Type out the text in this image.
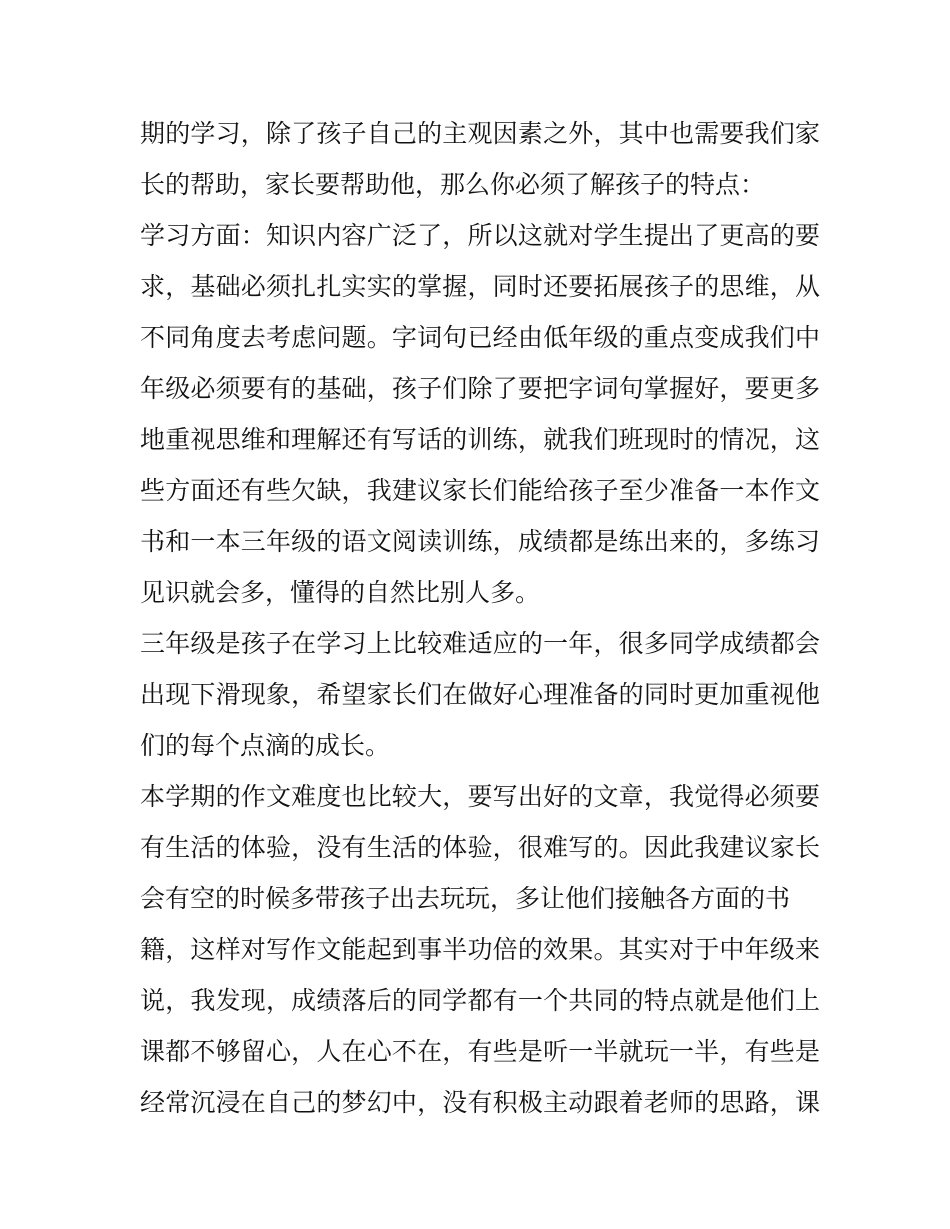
期的学习，除了孩子自己的主观因素之外，其中也需要我们家
长的帮助，家长要帮助他，那么你必须了解孩子的特点：
学习方面：知识内容广泛了，所以这就对学生提出了更高的要
求，基础必须扎扎实实的掌握，同时还要拓展孩子的思维，从
不同角度去考虑问题。字词句已经由低年级的重点变成我们中
年级必须要有的基础，孩子们除了要把字词句掌握好，要更多
地重视思维和理解还有写话的训练，就我们班现时的情况，这
些方面还有些欠缺，我建议家长们能给孩子至少准备一本作文
书和一本三年级的语文阅读训练，成绩都是练出来的，多练习
见识就会多，懂得的自然比别人多。
三年级是孩子在学习上比较难适应的一年，很多同学成绩都会
出现下滑现象，希望家长们在做好心理准备的同时更加重视他
们的每个点滴的成长。
本学期的作文难度也比较大，要写出好的文章，我觉得必须要
有生活的体验，没有生活的体验，很难写的。因此我建议家长
会有空的时候多带孩子出去玩玩，多让他们接触各方面的书
籍，这样对写作文能起到事半功倍的效果。其实对于中年级来
说，我发现，成绩落后的同学都有一个共同的特点就是他们上
课都不够留心，人在心不在，有些是听一半就玩一半，有些是
经常沉浸在自己的梦幻中，没有积极主动跟着老师的思路，课
